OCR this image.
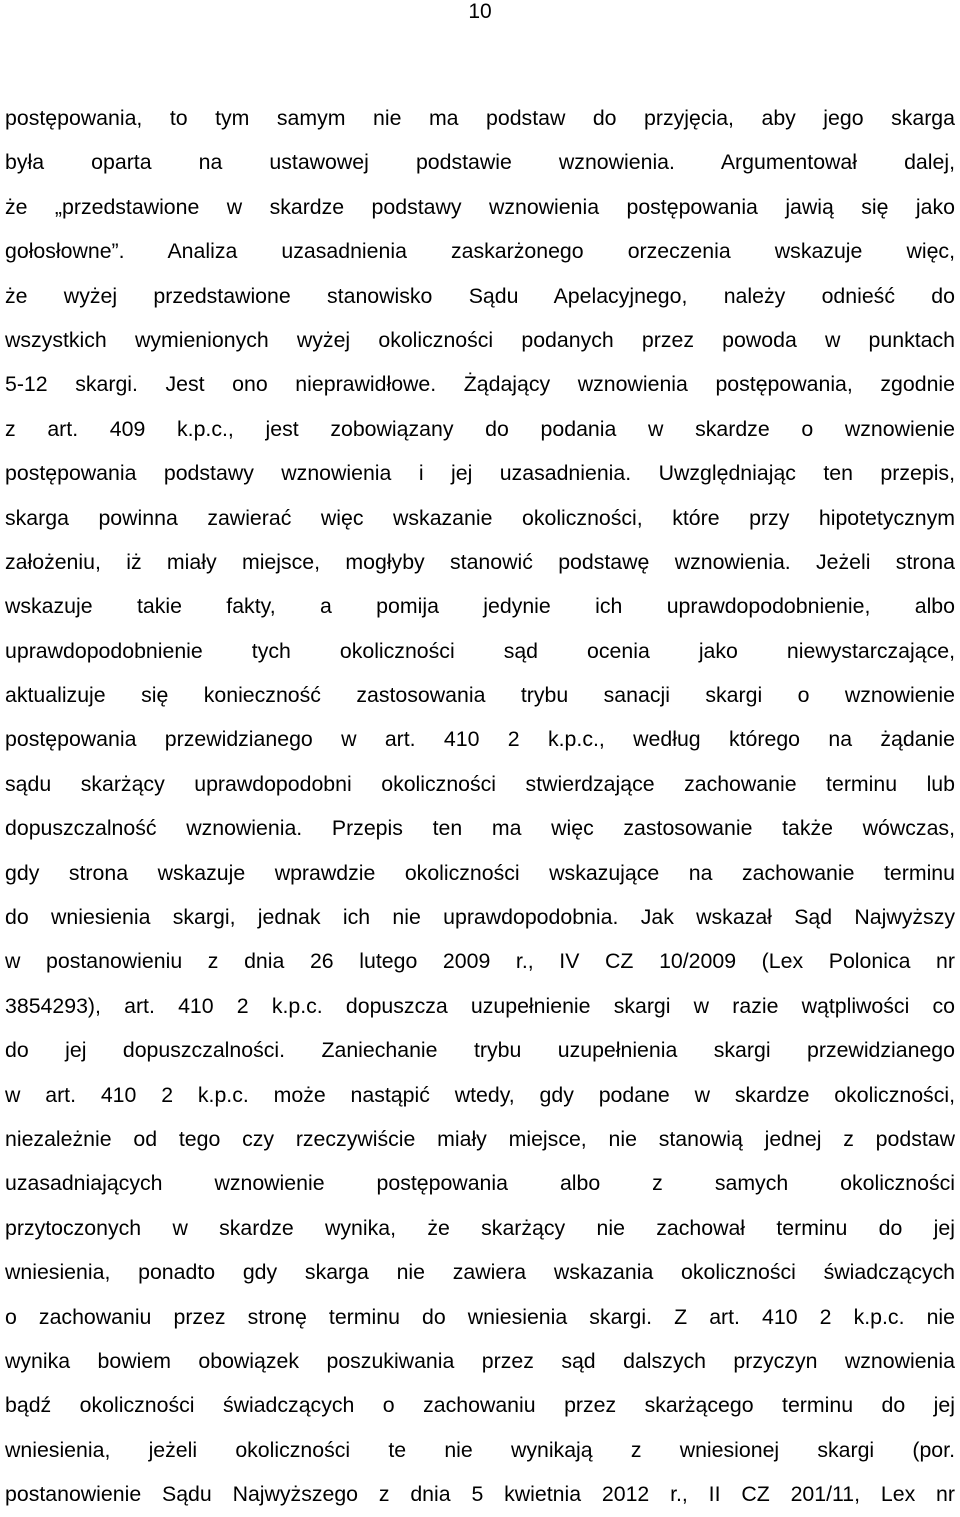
10
postępowania, to tym samym nie ma podstaw do przyjęcia, aby jego skarga
była oparta na ustawowej podstawie wznowienia. Argumentował dalej,
że „przedstawione w skardze podstawy wznowienia postępowania jawią się jako
gołosłowne”. Analiza uzasadnienia zaskarżonego orzeczenia wskazuje więc,
że wyżej przedstawione stanowisko Sądu Apelacyjnego, należy odnieść do
wszystkich wymienionych wyżej okoliczności podanych przez powoda w punktach
5-12 skargi. Jest ono nieprawidłowe. Żądający wznowienia postępowania, zgodnie
z art. 409 k.p.c., jest zobowiązany do podania w skardze o wznowienie
postępowania podstawy wznowienia i jej uzasadnienia. Uwzględniając ten przepis,
skarga powinna zawierać więc wskazanie okoliczności, które przy hipotetycznym
założeniu, iż miały miejsce, mogłyby stanowić podstawę wznowienia. Jeżeli strona
wskazuje takie fakty, a pomija jedynie ich uprawdopodobnienie, albo
uprawdopodobnienie tych okoliczności sąd ocenia jako niewystarczające,
aktualizuje się konieczność zastosowania trybu sanacji skargi o wznowienie
postępowania przewidzianego w art. 410 2 k.p.c., według którego na żądanie
sądu skarżący uprawdopodobni okoliczności stwierdzające zachowanie terminu lub
dopuszczalność wznowienia. Przepis ten ma więc zastosowanie także wówczas,
gdy strona wskazuje wprawdzie okoliczności wskazujące na zachowanie terminu
do wniesienia skargi, jednak ich nie uprawdopodobnia. Jak wskazał Sąd Najwyższy
w postanowieniu z dnia 26 lutego 2009 r., IV CZ 10/2009 (Lex Polonica nr
3854293), art. 410 2 k.p.c. dopuszcza uzupełnienie skargi w razie wątpliwości co
do jej dopuszczalności. Zaniechanie trybu uzupełnienia skargi przewidzianego
w art. 410 2 k.p.c. może nastąpić wtedy, gdy podane w skardze okoliczności,
niezależnie od tego czy rzeczywiście miały miejsce, nie stanowią jednej z podstaw
uzasadniających wznowienie postępowania albo z samych okoliczności
przytoczonych w skardze wynika, że skarżący nie zachował terminu do jej
wniesienia, ponadto gdy skarga nie zawiera wskazania okoliczności świadczących
o zachowaniu przez stronę terminu do wniesienia skargi. Z art. 410 2 k.p.c. nie
wynika bowiem obowiązek poszukiwania przez sąd dalszych przyczyn wznowienia
bądź okoliczności świadczących o zachowaniu przez skarżącego terminu do jej
wniesienia, jeżeli okoliczności te nie wynikają z wniesionej skargi (por.
postanowienie Sądu Najwyższego z dnia 5 kwietnia 2012 r., II CZ 201/11, Lex nr
